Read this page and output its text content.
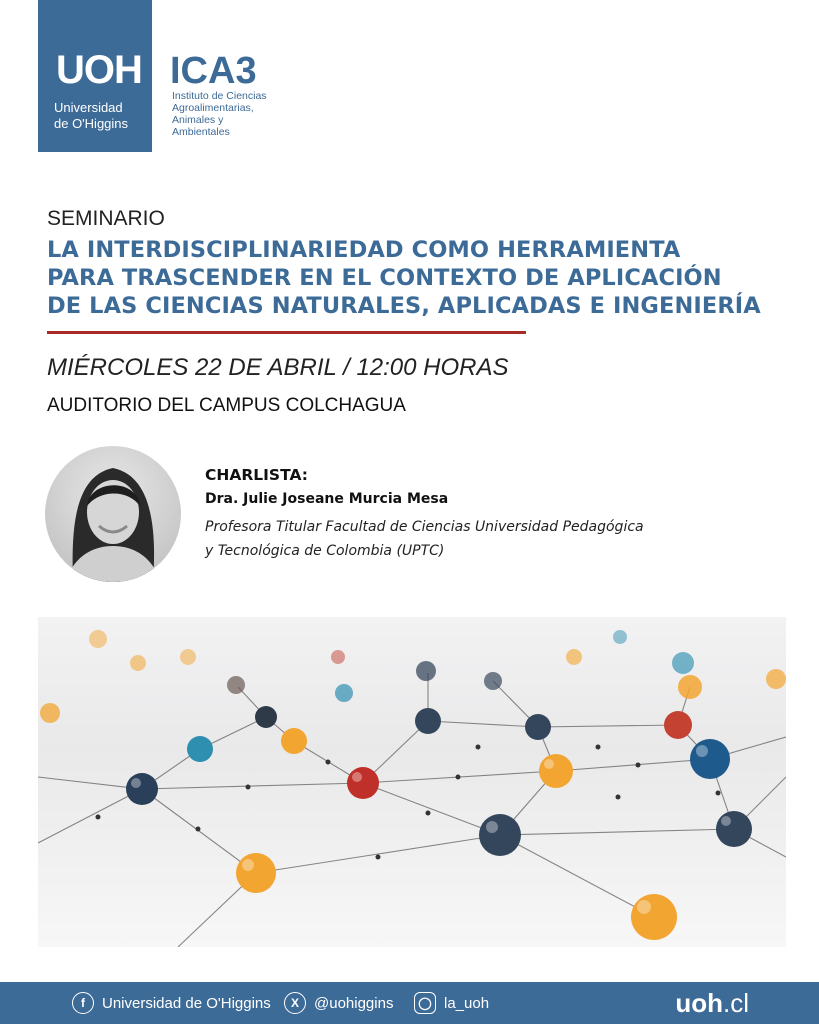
UOH
Universidad
de O'Higgins
ICA3
Instituto de Ciencias
Agroalimentarias,
Animales y
Ambientales
SEMINARIO
LA INTERDISCIPLINARIEDAD COMO HERRAMIENTA
PARA TRASCENDER EN EL CONTEXTO DE APLICACIÓN
DE LAS CIENCIAS NATURALES, APLICADAS E INGENIERÍA
MIÉRCOLES 22 DE ABRIL / 12:00 HORAS
AUDITORIO DEL CAMPUS COLCHAGUA
CHARLISTA:
Dra. Julie Joseane Murcia Mesa
Profesora Titular Facultad de Ciencias Universidad Pedagógica
y Tecnológica de Colombia (UPTC)
f	Universidad de O'Higgins	X	@uohiggins	◯ la_uoh	uoh.cl
